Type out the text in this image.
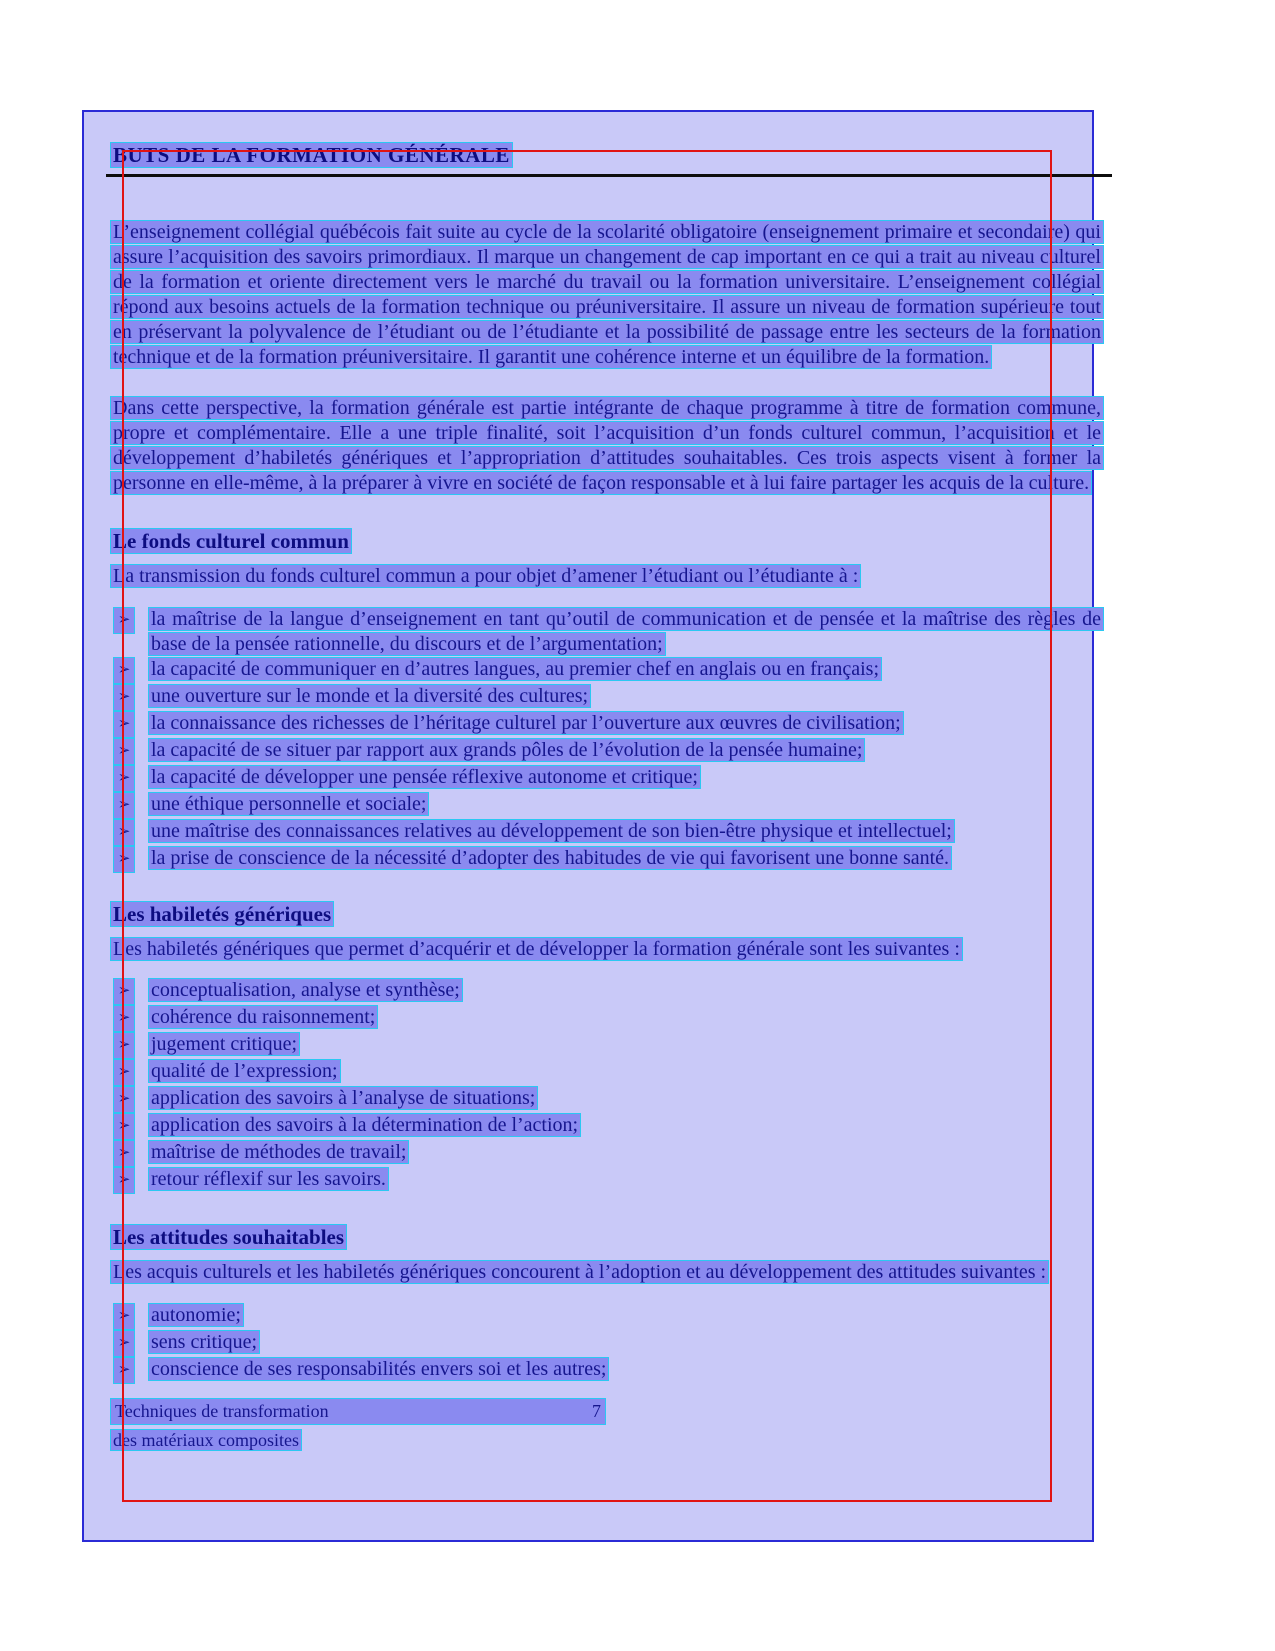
BUTS DE LA FORMATION GÉNÉRALE

L’enseignement collégial québécois fait suite au cycle de la scolarité obligatoire (enseignement primaire et secondaire) qui assure l’acquisition des savoirs primordiaux. Il marque un changement de cap important en ce qui a trait au niveau culturel de la formation et oriente directement vers le marché du travail ou la formation universitaire. L’enseignement collégial répond aux besoins actuels de la formation technique ou préuniversitaire. Il assure un niveau de formation supérieure tout en préservant la polyvalence de l’étudiant ou de l’étudiante et la possibilité de passage entre les secteurs de la formation technique et de la formation préuniversitaire. Il garantit une cohérence interne et un équilibre de la formation.

Dans cette perspective, la formation générale est partie intégrante de chaque programme à titre de formation commune, propre et complémentaire. Elle a une triple finalité, soit l’acquisition d’un fonds culturel commun, l’acquisition et le développement d’habiletés génériques et l’appropriation d’attitudes souhaitables. Ces trois aspects visent à former la personne en elle-même, à la préparer à vivre en société de façon responsable et à lui faire partager les acquis de la culture.

Le fonds culturel commun

La transmission du fonds culturel commun a pour objet d’amener l’étudiant ou l’étudiante à :

➢ la maîtrise de la langue d’enseignement en tant qu’outil de communication et de pensée et la maîtrise des règles de base de la pensée rationnelle, du discours et de l’argumentation;
➢ la capacité de communiquer en d’autres langues, au premier chef en anglais ou en français;
➢ une ouverture sur le monde et la diversité des cultures;
➢ la connaissance des richesses de l’héritage culturel par l’ouverture aux œuvres de civilisation;
➢ la capacité de se situer par rapport aux grands pôles de l’évolution de la pensée humaine;
➢ la capacité de développer une pensée réflexive autonome et critique;
➢ une éthique personnelle et sociale;
➢ une maîtrise des connaissances relatives au développement de son bien-être physique et intellectuel;
➢ la prise de conscience de la nécessité d’adopter des habitudes de vie qui favorisent une bonne santé.
Les habiletés génériques

Les habiletés génériques que permet d’acquérir et de développer la formation générale sont les suivantes :

➢ conceptualisation, analyse et synthèse;
➢ cohérence du raisonnement;
➢ jugement critique;
➢ qualité de l’expression;
➢ application des savoirs à l’analyse de situations;
➢ application des savoirs à la détermination de l’action;
➢ maîtrise de méthodes de travail;
➢ retour réflexif sur les savoirs.
Les attitudes souhaitables

Les acquis culturels et les habiletés génériques concourent à l’adoption et au développement des attitudes suivantes :

➢ autonomie;
➢ sens critique;
➢ conscience de ses responsabilités envers soi et les autres;
Techniques de transformation	7
des matériaux composites
